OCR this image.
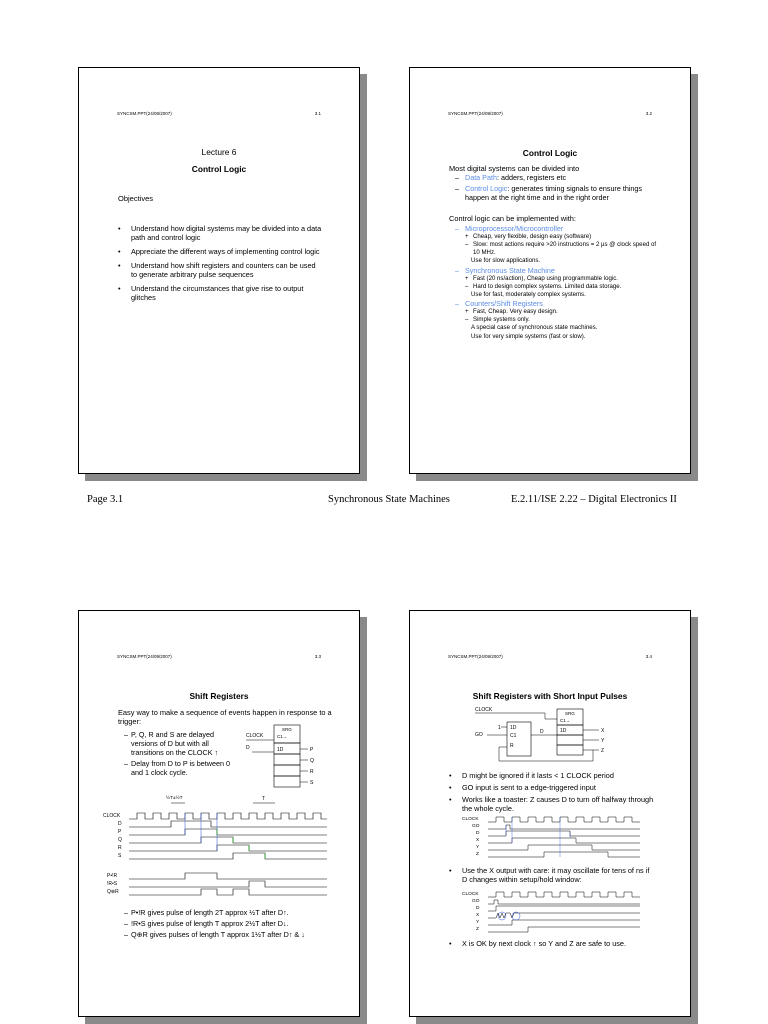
SYNCSM.PPT(24/09/2007)	3.1
Lecture 6
Control Logic
Objectives
• Understand how digital systems may be divided into a data path and control logic
• Appreciate the different ways of implementing control logic
• Understand how shift registers and counters can be used to generate arbitrary pulse sequences
• Understand the circumstances that give rise to output glitches
SYNCSM.PPT(24/09/2007)	3.2
Control Logic
Most digital systems can be divided into
– Data Path: adders, registers etc
– Control Logic: generates timing signals to ensure things happen at the right time and in the right order
Control logic can be implemented with:
– Microprocessor/Microcontroller
+ Cheap, very flexible, design easy (software)
– Slow: most actions require >20 instructions = 2 µs @ clock speed of 10 MHz.
Use for slow applications.
– Synchronous State Machine
+ Fast (20 ns/action), Cheap using programmable logic.
– Hard to design complex systems. Limited data storage.
Use for fast, moderately complex systems.
– Counters/Shift Registers
+ Fast, Cheap. Very easy design.
– Simple systems only.
A special case of synchronous state machines.
Use for very simple systems (fast or slow).
Page 3.1	Synchronous State Machines	E.2.11/ISE 2.22 – Digital Electronics II
SYNCSM.PPT(24/09/2007)	3.3
Shift Registers
Easy way to make a sequence of events happen in response to a trigger:
– P, Q, R and S are delayed versions of D but with all transitions on the CLOCK ↑
– Delay from D to P is between 0 and 1 clock cycle.
SRG
C1→
1D
CLOCK
D	P
Q
R
S
½T±½T	T
CLOCK
D
P
Q
R
S
P•!R
!R•S
Q⊕R
– P•!R gives pulse of length 2T approx ½T after D↑.
– !R•S gives pulse of length T approx 2½T after D↓.
– Q⊕R gives pulses of length T approx 1½T after D↑ & ↓
SYNCSM.PPT(24/09/2007)	3.4
Shift Registers with Short Input Pulses
CLOCK
GO
1 1D
C1
R
D
SRG
C1→
1D	X
Y
Z
• D might be ignored if it lasts < 1 CLOCK period
• GO input is sent to a edge-triggered input
• Works like a toaster: Z causes D to turn off halfway through the whole cycle.
CLOCK
GO
D
X
Y
Z
• Use the X output with care: it may oscillate for tens of ns if D changes within setup/hold window:
CLOCK
GO
D
X
Y
Z
• X is OK by next clock ↑ so Y and Z are safe to use.
